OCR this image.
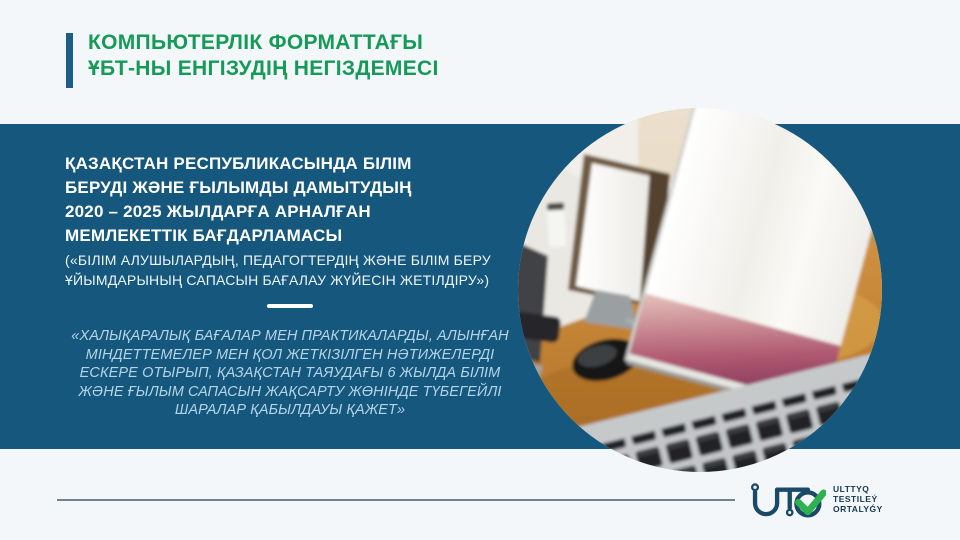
КОМПЬЮТЕРЛІК ФОРМАТТАҒЫ
ҰБТ-НЫ ЕНГІЗУДІҢ НЕГІЗДЕМЕСІ
ҚАЗАҚСТАН РЕСПУБЛИКАСЫНДА БІЛІМ
БЕРУДІ ЖӘНЕ ҒЫЛЫМДЫ ДАМЫТУДЫҢ
2020 – 2025 ЖЫЛДАРҒА АРНАЛҒАН
МЕМЛЕКЕТТІК БАҒДАРЛАМАСЫ
(«БІЛІМ АЛУШЫЛАРДЫҢ, ПЕДАГОГТЕРДІҢ ЖӘНЕ БІЛІМ БЕРУ
ҰЙЫМДАРЫНЫҢ САПАСЫН БАҒАЛАУ ЖҮЙЕСІН ЖЕТІЛДІРУ»)
«ХАЛЫҚАРАЛЫҚ БАҒАЛАР МЕН ПРАКТИКАЛАРДЫ, АЛЫНҒАН
МІНДЕТТЕМЕЛЕР МЕН ҚОЛ ЖЕТКІЗІЛГЕН НӘТИЖЕЛЕРДІ
ЕСКЕРЕ ОТЫРЫП, ҚАЗАҚСТАН ТАЯУДАҒЫ 6 ЖЫЛДА БІЛІМ
ЖӘНЕ ҒЫЛЫМ САПАСЫН ЖАҚСАРТУ ЖӨНІНДЕ ТҮБЕГЕЙЛІ
ШАРАЛАР ҚАБЫЛДАУЫ ҚАЖЕТ»
ULTTYQ
TESTILEÝ
ORTALYǴY
